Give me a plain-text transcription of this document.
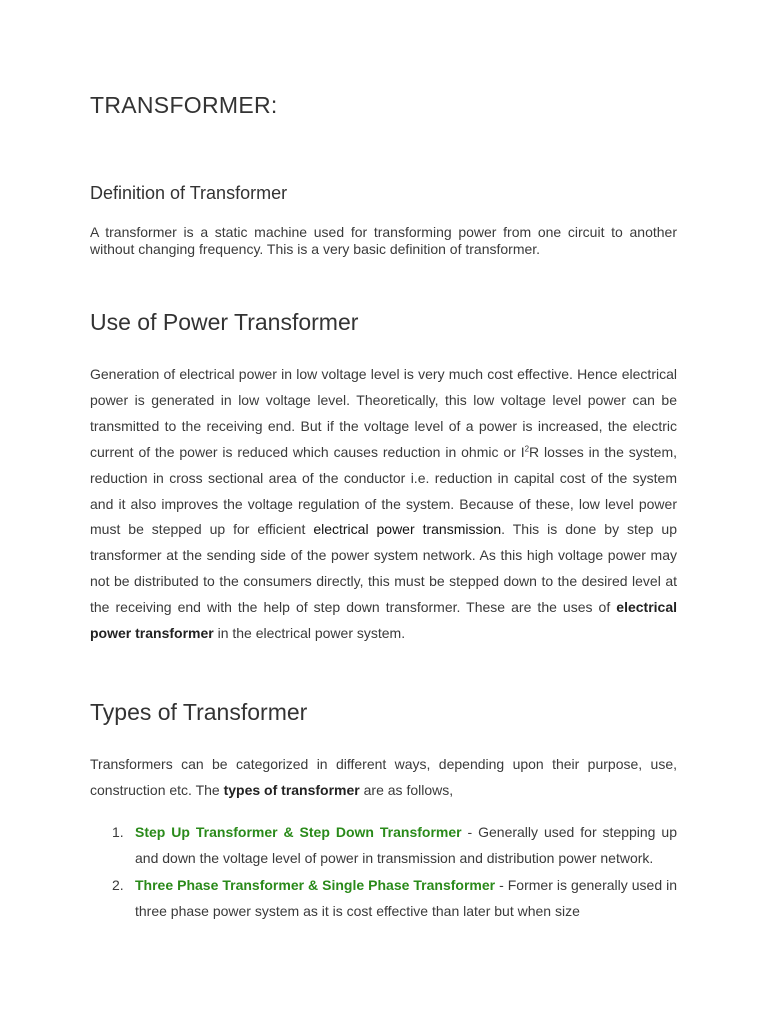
TRANSFORMER:
Definition of Transformer

A transformer is a static machine used for transforming power from one circuit to another without changing frequency. This is a very basic definition of transformer.

Use of Power Transformer

Generation of electrical power in low voltage level is very much cost effective. Hence electrical power is generated in low voltage level. Theoretically, this low voltage level power can be transmitted to the receiving end. But if the voltage level of a power is increased, the electric current of the power is reduced which causes reduction in ohmic or $I^2R$ losses in the system, reduction in cross sectional area of the conductor i.e. reduction in capital cost of the system and it also improves the voltage regulation of the system. Because of these, low level power must be stepped up for efficient electrical power transmission. This is done by step up transformer at the sending side of the power system network. As this high voltage power may not be distributed to the consumers directly, this must be stepped down to the desired level at the receiving end with the help of step down transformer. These are the uses of electrical power transformer in the electrical power system.

Types of Transformer

Transformers can be categorized in different ways, depending upon their purpose, use, construction etc. The types of transformer are as follows,

1. Step Up Transformer & Step Down Transformer - Generally used for stepping up and down the voltage level of power in transmission and distribution power network.
2. Three Phase Transformer & Single Phase Transformer - Former is generally used in three phase power system as it is cost effective than later but when size
